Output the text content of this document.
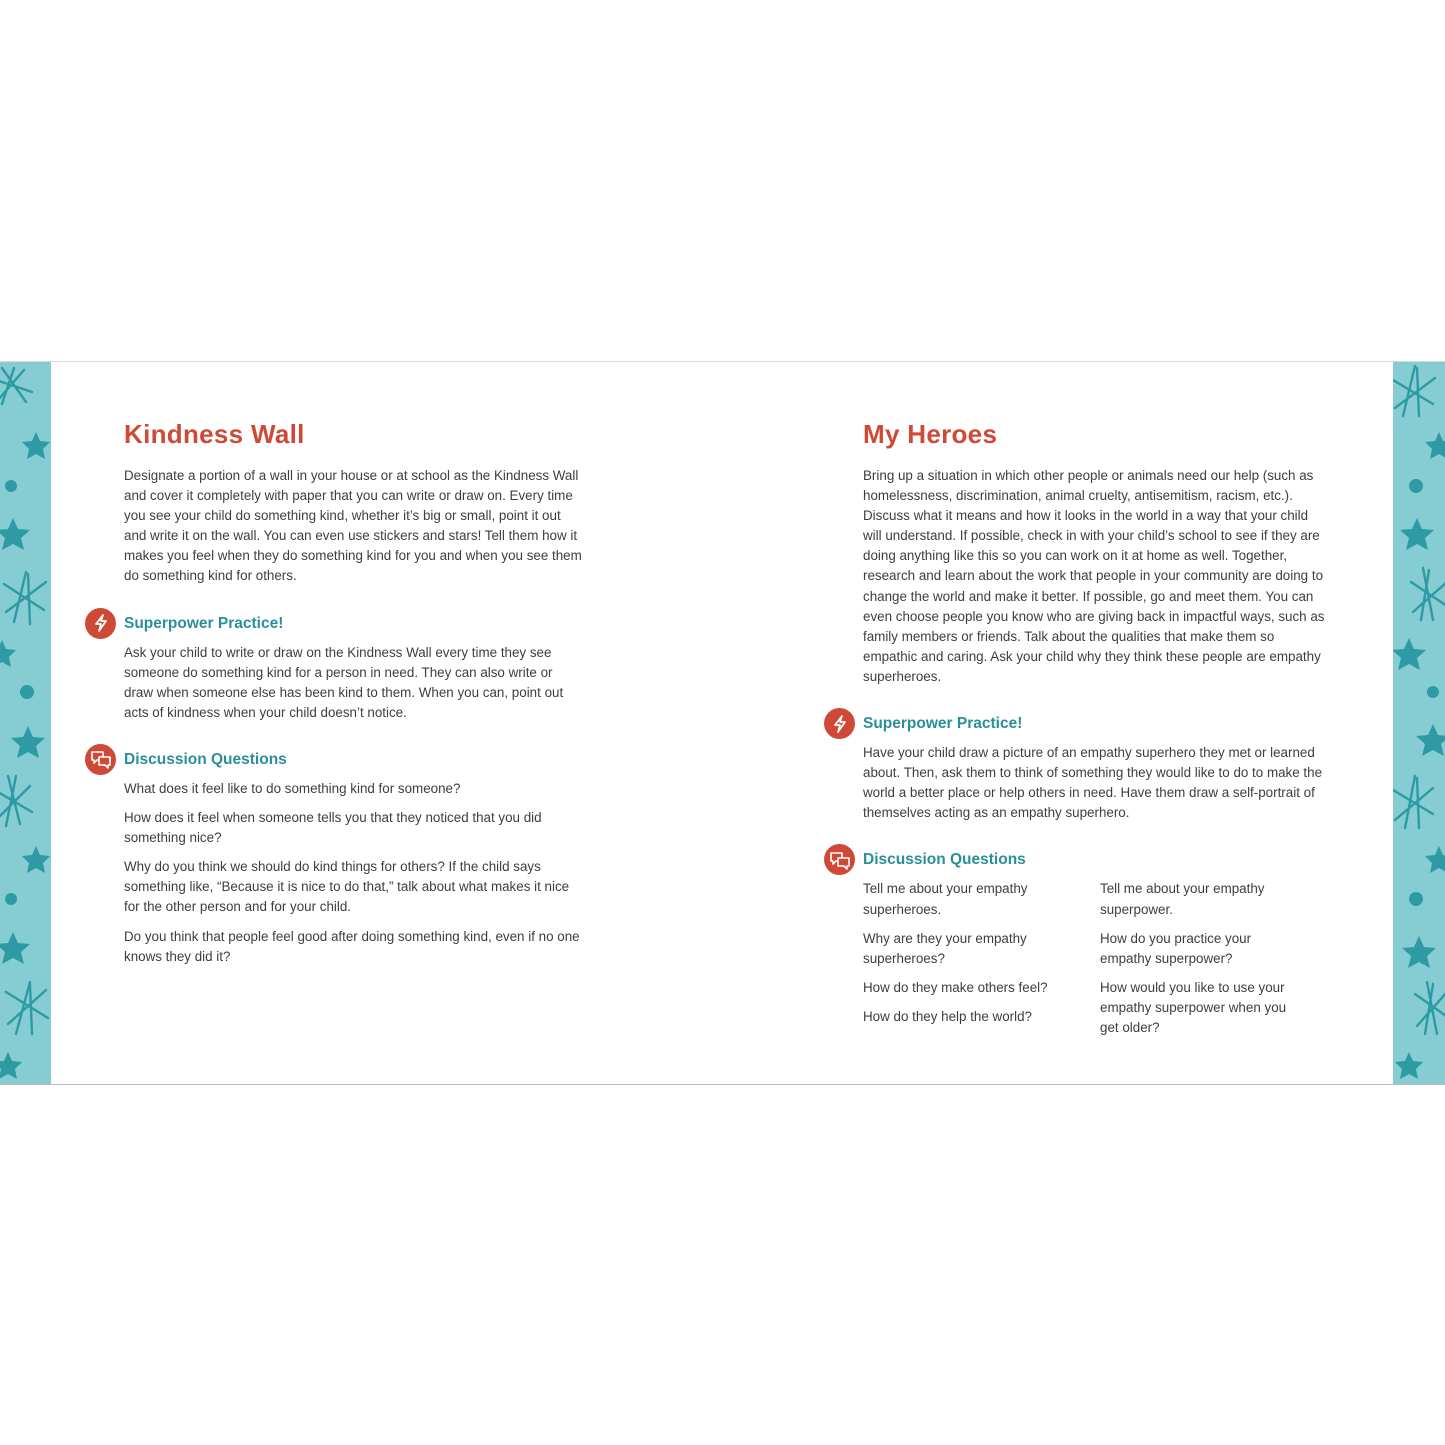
Kindness Wall

Designate a portion of a wall in your house or at school as the Kindness Wall and cover it completely with paper that you can write or draw on. Every time you see your child do something kind, whether it’s big or small, point it out and write it on the wall. You can even use stickers and stars! Tell them how it makes you feel when they do something kind for you and when you see them do something kind for others.

Superpower Practice!

Ask your child to write or draw on the Kindness Wall every time they see someone do something kind for a person in need. They can also write or draw when someone else has been kind to them. When you can, point out acts of kindness when your child doesn’t notice.

Discussion Questions

What does it feel like to do something kind for someone?

How does it feel when someone tells you that they noticed that you did something nice?

Why do you think we should do kind things for others? If the child says something like, “Because it is nice to do that,” talk about what makes it nice for the other person and for your child.

Do you think that people feel good after doing something kind, even if no one knows they did it?

My Heroes

Bring up a situation in which other people or animals need our help (such as homelessness, discrimination, animal cruelty, antisemitism, racism, etc.). Discuss what it means and how it looks in the world in a way that your child will understand. If possible, check in with your child’s school to see if they are doing anything like this so you can work on it at home as well. Together, research and learn about the work that people in your community are doing to change the world and make it better. If possible, go and meet them. You can even choose people you know who are giving back in impactful ways, such as family members or friends. Talk about the qualities that make them so empathic and caring. Ask your child why they think these people are empathy superheroes.

Superpower Practice!

Have your child draw a picture of an empathy superhero they met or learned about. Then, ask them to think of something they would like to do to make the world a better place or help others in need. Have them draw a self-portrait of themselves acting as an empathy superhero.

Discussion Questions

Tell me about your empathy superheroes.

Why are they your empathy superheroes?

How do they make others feel?

How do they help the world?

Tell me about your empathy superpower.

How do you practice your empathy superpower?

How would you like to use your empathy superpower when you get older?
